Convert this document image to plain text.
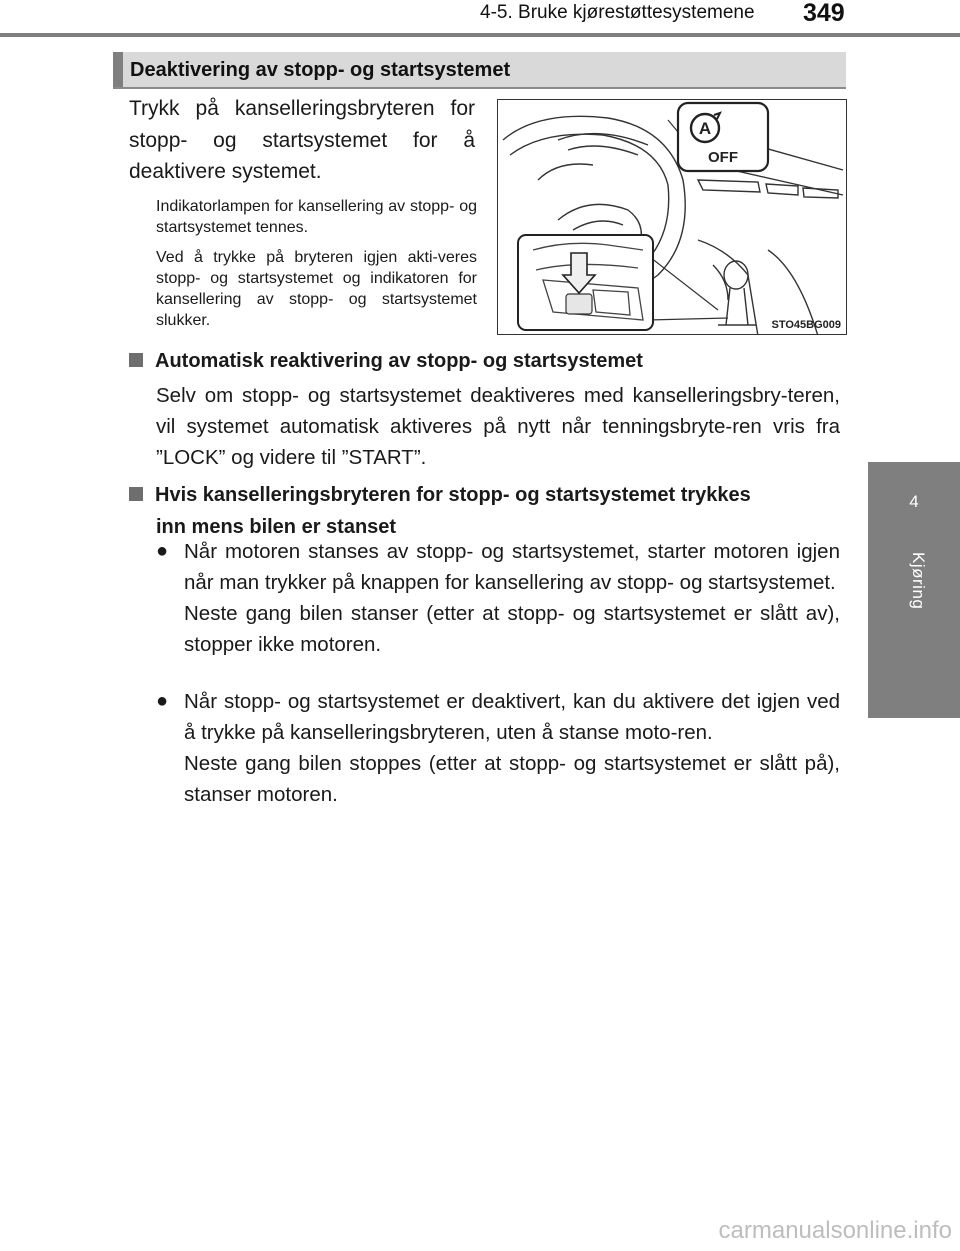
4-5. Bruke kjørestøttesystemene 349
4
Kjøring
Deaktivering av stopp- og startsystemet
Trykk på kanselleringsbryteren for stopp- og startsystemet for å deaktivere systemet.
Indikatorlampen for kansellering av stopp- og startsystemet tennes.
Ved å trykke på bryteren igjen akti-veres stopp- og startsystemet og indikatoren for kansellering av stopp- og startsystemet slukker.
A
OFF
STO45BG009
Automatisk reaktivering av stopp- og startsystemet
Selv om stopp- og startsystemet deaktiveres med kanselleringsbry-teren, vil systemet automatisk aktiveres på nytt når tenningsbryte-ren vris fra ”LOCK” og videre til ”START”.
Hvis kanselleringsbryteren for stopp- og startsystemet trykkes
inn mens bilen er stanset
● Når motoren stanses av stopp- og startsystemet, starter motoren igjen når man trykker på knappen for kansellering av stopp- og startsystemet.
Neste gang bilen stanser (etter at stopp- og startsystemet er slått av), stopper ikke motoren.
● Når stopp- og startsystemet er deaktivert, kan du aktivere det igjen ved å trykke på kanselleringsbryteren, uten å stanse moto-ren.
Neste gang bilen stoppes (etter at stopp- og startsystemet er slått på), stanser motoren.
carmanualsonline.info
